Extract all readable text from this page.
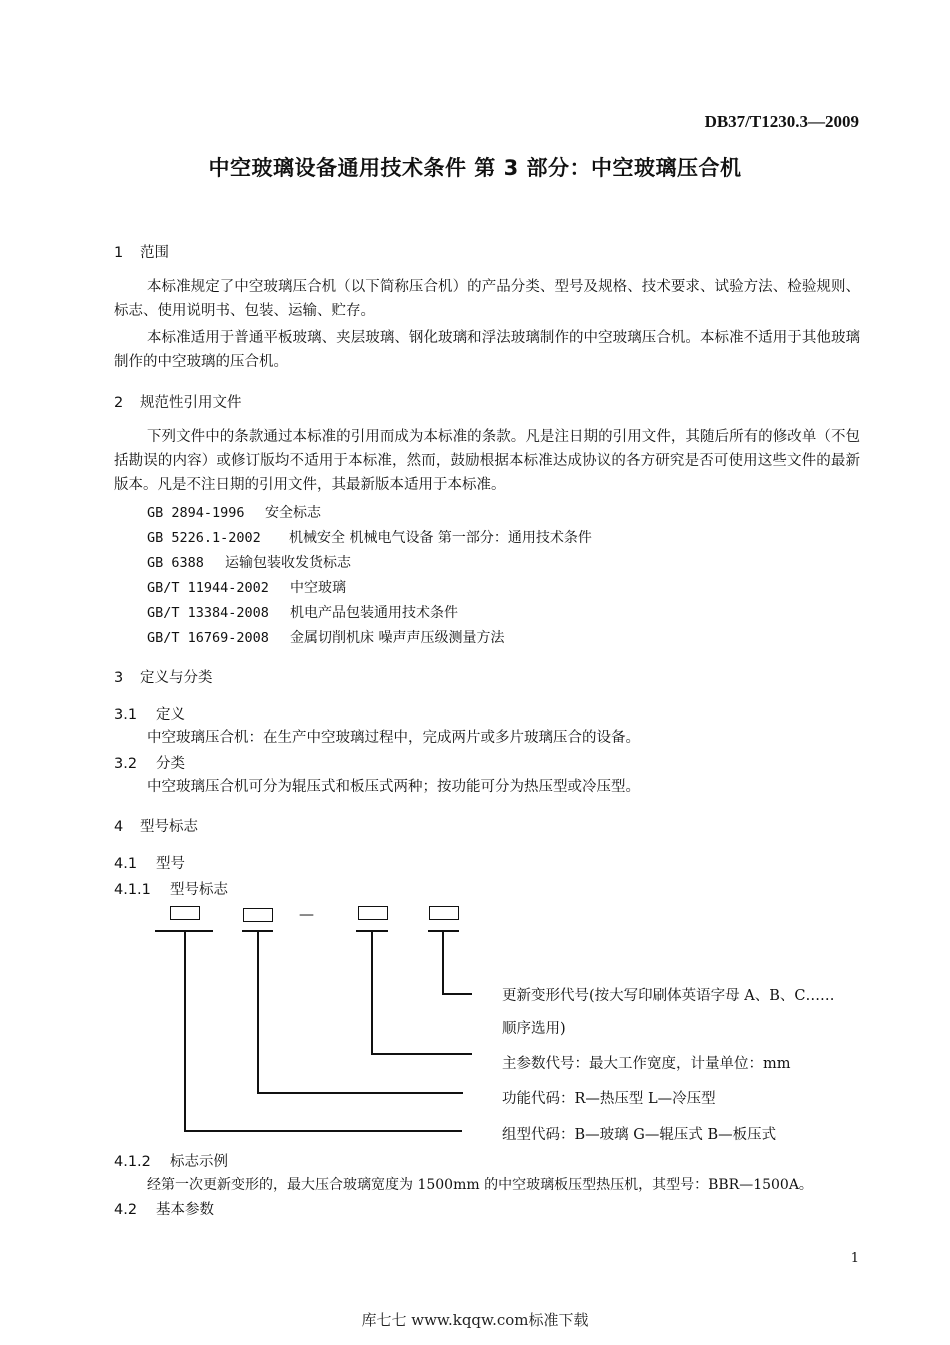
DB37/T1230.3—2009
中空玻璃设备通用技术条件 第 3 部分：中空玻璃压合机
1 范围

本标准规定了中空玻璃压合机（以下简称压合机）的产品分类、型号及规格、技术要求、试验方法、检验规则、标志、使用说明书、包装、运输、贮存。

本标准适用于普通平板玻璃、夹层玻璃、钢化玻璃和浮法玻璃制作的中空玻璃压合机。本标准不适用于其他玻璃制作的中空玻璃的压合机。

2 规范性引用文件

下列文件中的条款通过本标准的引用而成为本标准的条款。凡是注日期的引用文件，其随后所有的修改单（不包括勘误的内容）或修订版均不适用于本标准，然而，鼓励根据本标准达成协议的各方研究是否可使用这些文件的最新版本。凡是不注日期的引用文件，其最新版本适用于本标准。

GB 2894-1996 安全标志
GB 5226.1-2002 机械安全 机械电气设备 第一部分：通用技术条件
GB 6388 运输包装收发货标志
GB/T 11944-2002 中空玻璃
GB/T 13384-2008 机电产品包装通用技术条件
GB/T 16769-2008 金属切削机床 噪声声压级测量方法
3 定义与分类
3.1 定义

中空玻璃压合机：在生产中空玻璃过程中，完成两片或多片玻璃压合的设备。

3.2 分类

中空玻璃压合机可分为辊压式和板压式两种；按功能可分为热压型或冷压型。

4 型号标志
4.1 型号
4.1.1 型号标志
—
更新变形代号(按大写印刷体英语字母 A、B、C……
顺序选用)
主参数代号：最大工作宽度，计量单位：mm
功能代码：R—热压型 L—冷压型
组型代码：B—玻璃 G—辊压式 B—板压式
4.1.2 标志示例

经第一次更新变形的，最大压合玻璃宽度为 1500mm 的中空玻璃板压型热压机，其型号：BBR—1500A。

4.2 基本参数
1
库七七 www.kqqw.com标准下载
